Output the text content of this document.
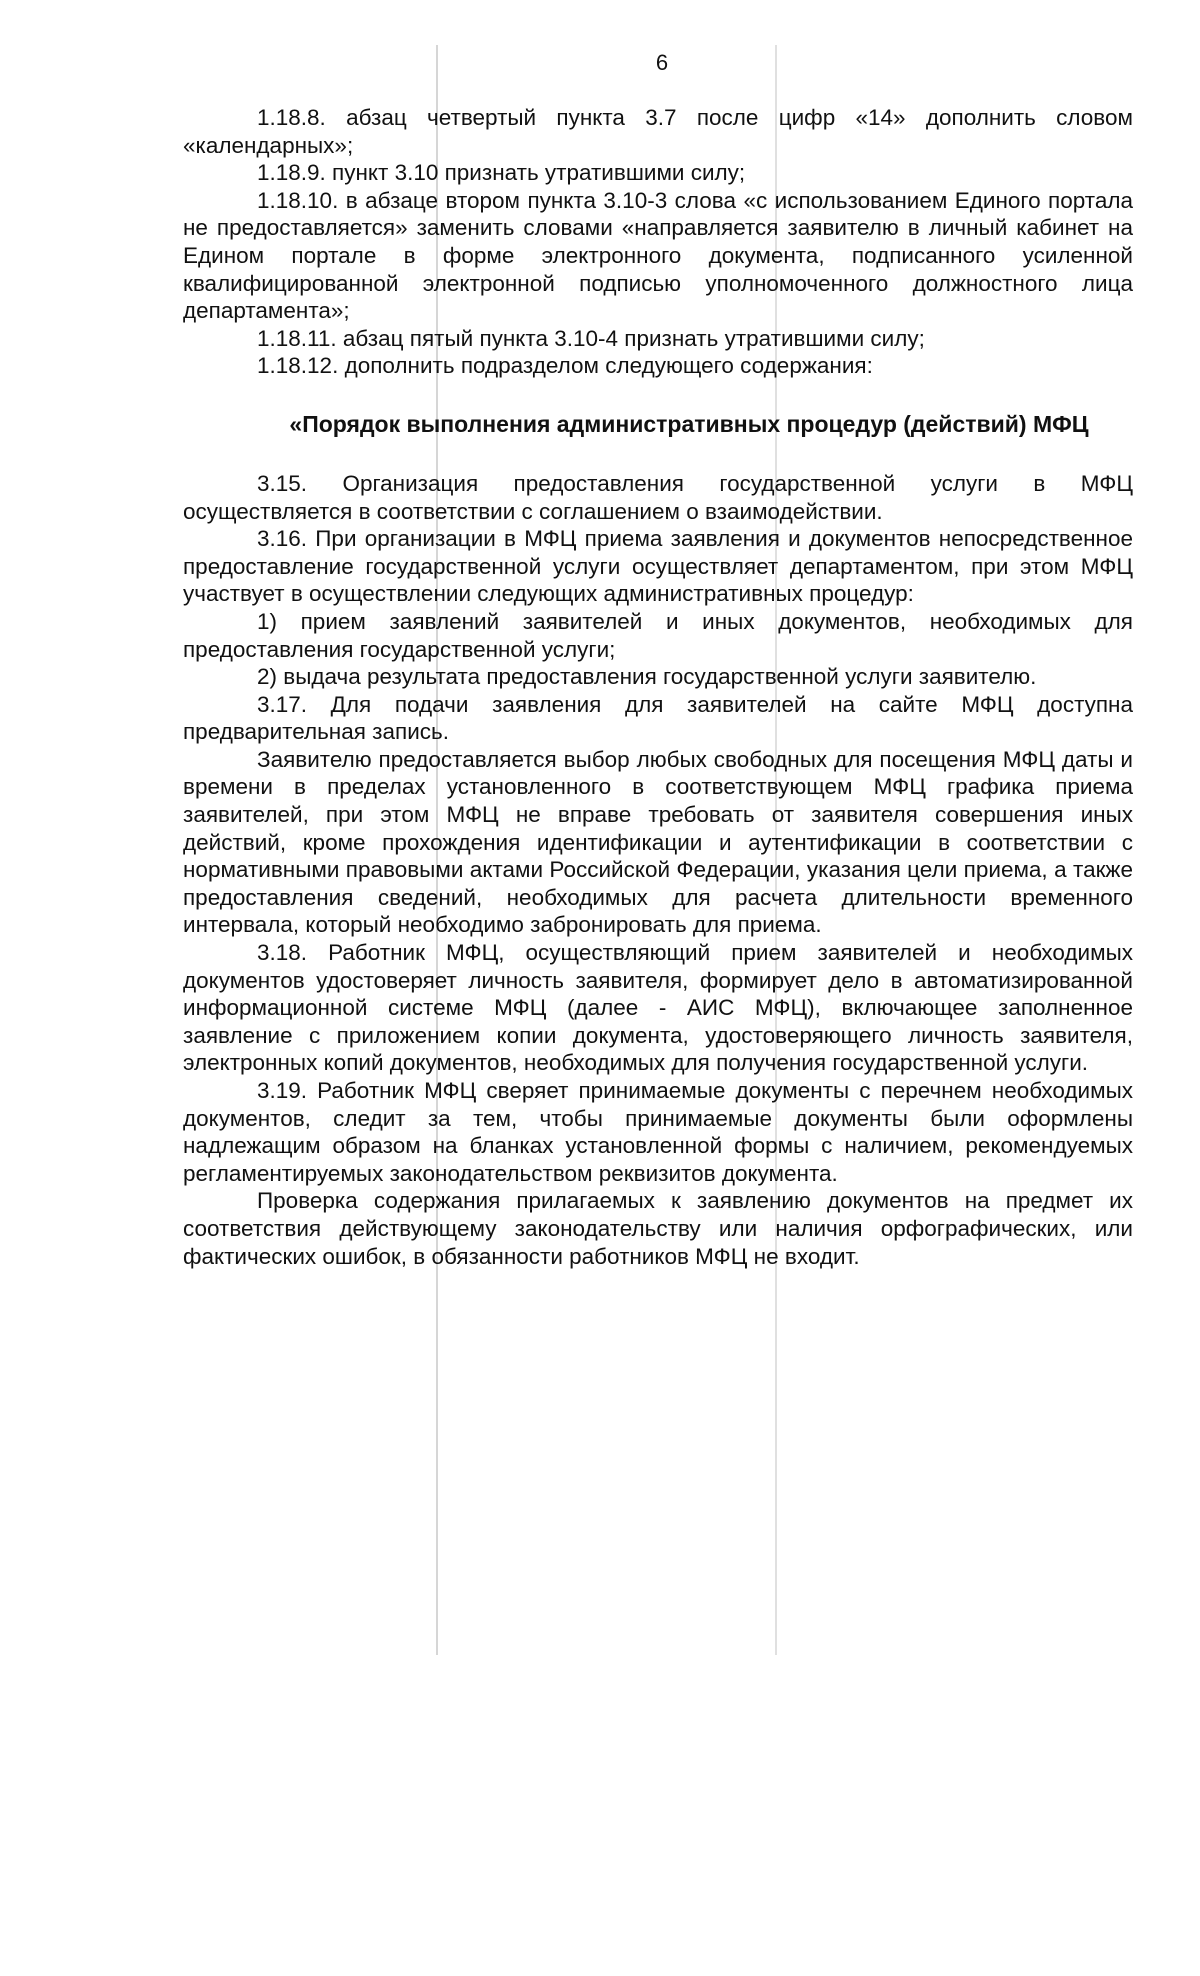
6

1.18.8. абзац четвертый пункта 3.7 после цифр «14» дополнить словом «календарных»;

1.18.9. пункт 3.10 признать утратившими силу;

1.18.10. в абзаце втором пункта 3.10-3 слова «с использованием Единого портала не предоставляется» заменить словами «направляется заявителю в личный кабинет на Едином портале в форме электронного документа, подписанного усиленной квалифицированной электронной подписью уполномоченного должностного лица департамента»;

1.18.11. абзац пятый пункта 3.10-4 признать утратившими силу;

1.18.12. дополнить подразделом следующего содержания:

«Порядок выполнения административных процедур (действий) МФЦ

3.15. Организация предоставления государственной услуги в МФЦ осуществляется в соответствии с соглашением о взаимодействии.

3.16. При организации в МФЦ приема заявления и документов непосредственное предоставление государственной услуги осуществляет департаментом, при этом МФЦ участвует в осуществлении следующих административных процедур:

1) прием заявлений заявителей и иных документов, необходимых для предоставления государственной услуги;

2) выдача результата предоставления государственной услуги заявителю.

3.17. Для подачи заявления для заявителей на сайте МФЦ доступна предварительная запись.

Заявителю предоставляется выбор любых свободных для посещения МФЦ даты и времени в пределах установленного в соответствующем МФЦ графика приема заявителей, при этом МФЦ не вправе требовать от заявителя совершения иных действий, кроме прохождения идентификации и аутентификации в соответствии с нормативными правовыми актами Российской Федерации, указания цели приема, а также предоставления сведений, необходимых для расчета длительности временного интервала, который необходимо забронировать для приема.

3.18. Работник МФЦ, осуществляющий прием заявителей и необходимых документов удостоверяет личность заявителя, формирует дело в автоматизированной информационной системе МФЦ (далее - АИС МФЦ), включающее заполненное заявление с приложением копии документа, удостоверяющего личность заявителя, электронных копий документов, необходимых для получения государственной услуги.

3.19. Работник МФЦ сверяет принимаемые документы с перечнем необходимых документов, следит за тем, чтобы принимаемые документы были оформлены надлежащим образом на бланках установленной формы с наличием, рекомендуемых регламентируемых законодательством реквизитов документа.

Проверка содержания прилагаемых к заявлению документов на предмет их соответствия действующему законодательству или наличия орфографических, или фактических ошибок, в обязанности работников МФЦ не входит.
